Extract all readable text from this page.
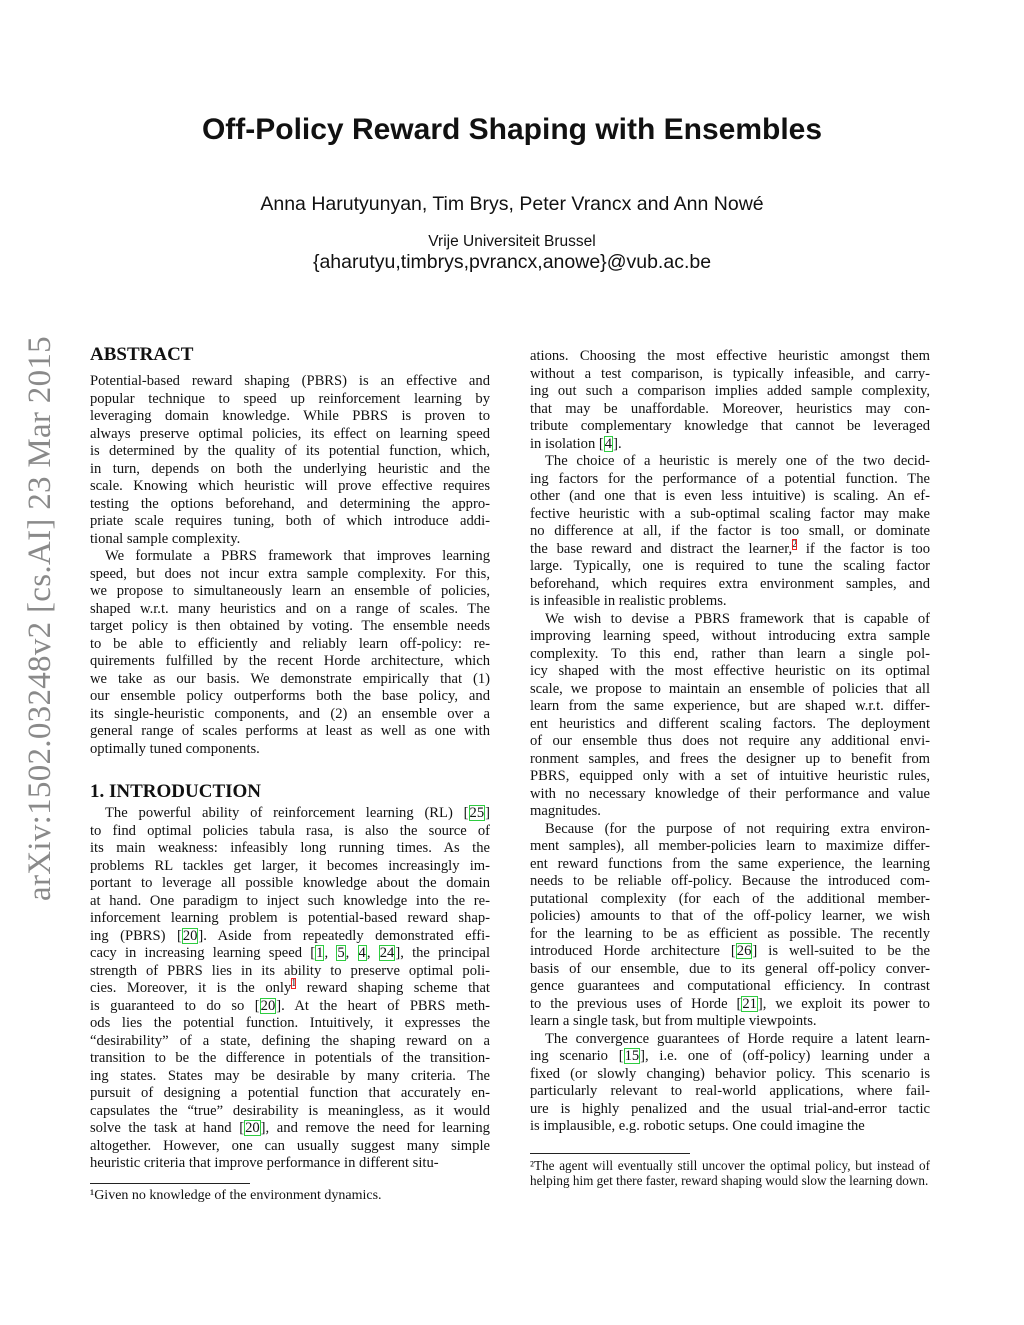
Off-Policy Reward Shaping with Ensembles
Anna Harutyunyan, Tim Brys, Peter Vrancx and Ann Nowé
Vrije Universiteit Brussel
{aharutyu,timbrys,pvrancx,anowe}@vub.ac.be
arXiv:1502.03248v2 [cs.AI] 23 Mar 2015 ABSTRACT
Potential-based reward shaping (PBRS) is an effective and
popular technique to speed up reinforcement learning by
leveraging domain knowledge. While PBRS is proven to
always preserve optimal policies, its effect on learning speed
is determined by the quality of its potential function, which,
in turn, depends on both the underlying heuristic and the
scale. Knowing which heuristic will prove effective requires
testing the options beforehand, and determining the appro-
priate scale requires tuning, both of which introduce addi-
tional sample complexity.
We formulate a PBRS framework that improves learning
speed, but does not incur extra sample complexity. For this,
we propose to simultaneously learn an ensemble of policies,
shaped w.r.t. many heuristics and on a range of scales. The
target policy is then obtained by voting. The ensemble needs
to be able to efficiently and reliably learn off-policy: re-
quirements fulfilled by the recent Horde architecture, which
we take as our basis. We demonstrate empirically that (1)
our ensemble policy outperforms both the base policy, and
its single-heuristic components, and (2) an ensemble over a
general range of scales performs at least as well as one with
optimally tuned components.
1. INTRODUCTION
The powerful ability of reinforcement learning (RL) [25]
to find optimal policies tabula rasa, is also the source of
its main weakness: infeasibly long running times. As the
problems RL tackles get larger, it becomes increasingly im-
portant to leverage all possible knowledge about the domain
at hand. One paradigm to inject such knowledge into the re-
inforcement learning problem is potential-based reward shap-
ing (PBRS) [20]. Aside from repeatedly demonstrated effi-
cacy in increasing learning speed [1, 5, 4, 24], the principal
strength of PBRS lies in its ability to preserve optimal poli-
cies. Moreover, it is the only$^1$ reward shaping scheme that
is guaranteed to do so [20]. At the heart of PBRS meth-
ods lies the potential function. Intuitively, it expresses the
“desirability” of a state, defining the shaping reward on a
transition to be the difference in potentials of the transition-
ing states. States may be desirable by many criteria. The
pursuit of designing a potential function that accurately en-
capsulates the “true” desirability is meaningless, as it would
solve the task at hand [20], and remove the need for learning
altogether. However, one can usually suggest many simple
heuristic criteria that improve performance in different situ-
ations. Choosing the most effective heuristic amongst them
without a test comparison, is typically infeasible, and carry-
ing out such a comparison implies added sample complexity,
that may be unaffordable. Moreover, heuristics may con-
tribute complementary knowledge that cannot be leveraged
in isolation [4].
The choice of a heuristic is merely one of the two decid-
ing factors for the performance of a potential function. The
other (and one that is even less intuitive) is scaling. An ef-
fective heuristic with a sub-optimal scaling factor may make
no difference at all, if the factor is too small, or dominate
the base reward and distract the learner,$^2$ if the factor is too
large. Typically, one is required to tune the scaling factor
beforehand, which requires extra environment samples, and
is infeasible in realistic problems.
We wish to devise a PBRS framework that is capable of
improving learning speed, without introducing extra sample
complexity. To this end, rather than learn a single pol-
icy shaped with the most effective heuristic on its optimal
scale, we propose to maintain an ensemble of policies that all
learn from the same experience, but are shaped w.r.t. differ-
ent heuristics and different scaling factors. The deployment
of our ensemble thus does not require any additional envi-
ronment samples, and frees the designer up to benefit from
PBRS, equipped only with a set of intuitive heuristic rules,
with no necessary knowledge of their performance and value
magnitudes.
Because (for the purpose of not requiring extra environ-
ment samples), all member-policies learn to maximize differ-
ent reward functions from the same experience, the learning
needs to be reliable off-policy. Because the introduced com-
putational complexity (for each of the additional member-
policies) amounts to that of the off-policy learner, we wish
for the learning to be as efficient as possible. The recently
introduced Horde architecture [26] is well-suited to be the
basis of our ensemble, due to its general off-policy conver-
gence guarantees and computational efficiency. In contrast
to the previous uses of Horde [21], we exploit its power to
learn a single task, but from multiple viewpoints.
The convergence guarantees of Horde require a latent learn-
ing scenario [15], i.e. one of (off-policy) learning under a
fixed (or slowly changing) behavior policy. This scenario is
particularly relevant to real-world applications, where fail-
ure is highly penalized and the usual trial-and-error tactic
is implausible, e.g. robotic setups. One could imagine the
¹Given no knowledge of the environment dynamics.
²The agent will eventually still uncover the optimal policy, but instead of helping him get there faster, reward shaping would slow the learning down.
